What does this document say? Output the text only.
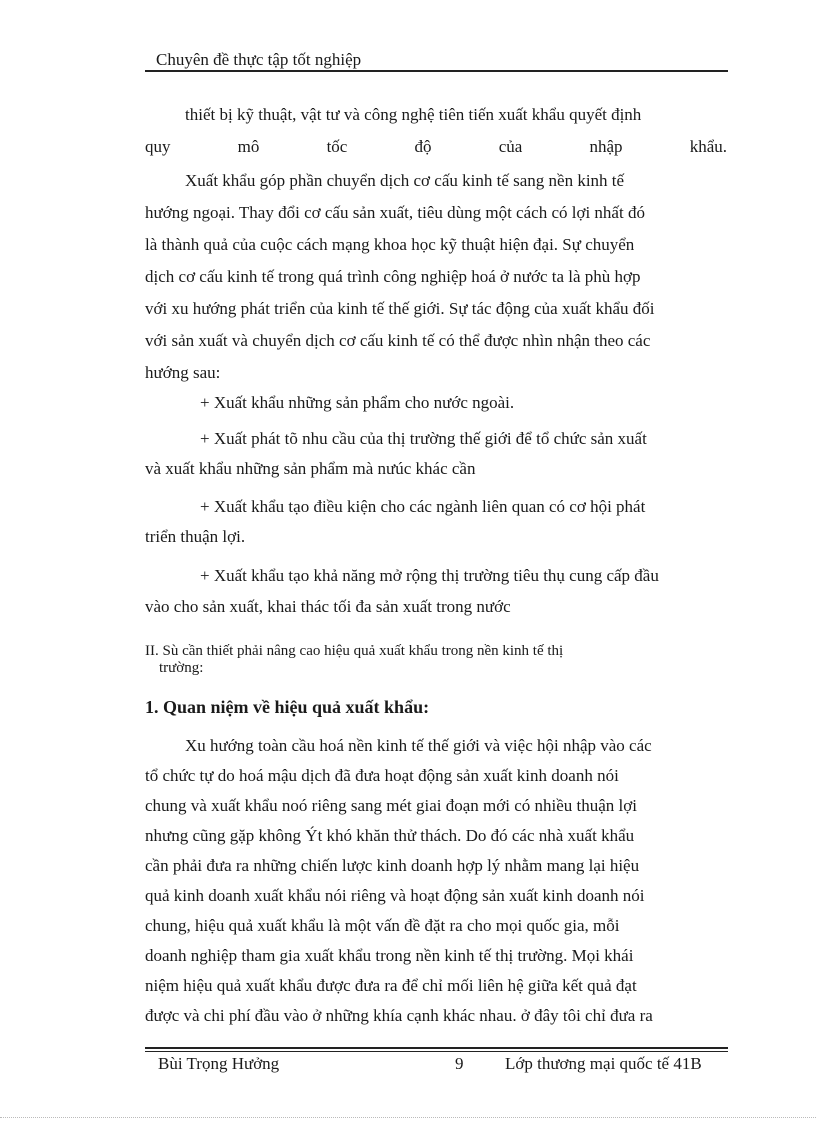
Chuyên đề thực tập tốt nghiệp
thiết bị kỹ thuật, vật tư và công nghệ tiên tiến xuất khẩu quyết định
quy	mô	tốc	độ	của	nhập	khẩu.
Xuất khẩu góp phần chuyển dịch cơ cấu kinh tế sang nền kinh tế
hướng ngoại. Thay đổi cơ cấu sản xuất, tiêu dùng một cách có lợi nhất đó
là thành quả của cuộc cách mạng khoa học kỹ thuật hiện đại. Sự chuyển
dịch cơ cấu kinh tế trong quá trình công nghiệp hoá ở nước ta là phù hợp
với xu hướng phát triển của kinh tế thế giới. Sự tác động của xuất khẩu đối
với sản xuất và chuyển dịch cơ cấu kinh tế có thể được nhìn nhận theo các
hướng sau:
+ Xuất khẩu những sản phẩm cho nước ngoài.
+ Xuất phát tõ nhu cầu của thị trường thế giới để tổ chức sản xuất
và xuất khẩu những sản phẩm mà nưúc khác cần
+ Xuất khẩu tạo điều kiện cho các ngành liên quan có cơ hội phát
triển thuận lợi.
+ Xuất khẩu tạo khả năng mở rộng thị trường tiêu thụ cung cấp đầu
vào cho sản xuất, khai thác tối đa sản xuất trong nước
II. Sù cần thiết phải nâng cao hiệu quả xuất khẩu trong nền kinh tế thị
trường:
1. Quan niệm về hiệu quả xuất khẩu:
Xu hướng toàn cầu hoá nền kinh tế thế giới và việc hội nhập vào các
tổ chức tự do hoá mậu dịch đã đưa hoạt động sản xuất kinh doanh nói
chung và xuất khẩu noó riêng sang mét giai đoạn mới có nhiều thuận lợi
nhưng cũng gặp không Ýt khó khăn thử thách. Do đó các nhà xuất khẩu
cần phải đưa ra những chiến lược kinh doanh hợp lý nhằm mang lại hiệu
quả kinh doanh xuất khẩu nói riêng và hoạt động sản xuất kinh doanh nói
chung, hiệu quả xuất khẩu là một vấn đề đặt ra cho mọi quốc gia, mỗi
doanh nghiệp tham gia xuất khẩu trong nền kinh tế thị trường. Mọi khái
niệm hiệu quả xuất khẩu được đưa ra để chỉ mối liên hệ giữa kết quả đạt
được và chi phí đầu vào ở những khía cạnh khác nhau. ở đây tôi chỉ đưa ra
Bùi Trọng Hưởng	9 Lớp thương mại quốc tế 41B
